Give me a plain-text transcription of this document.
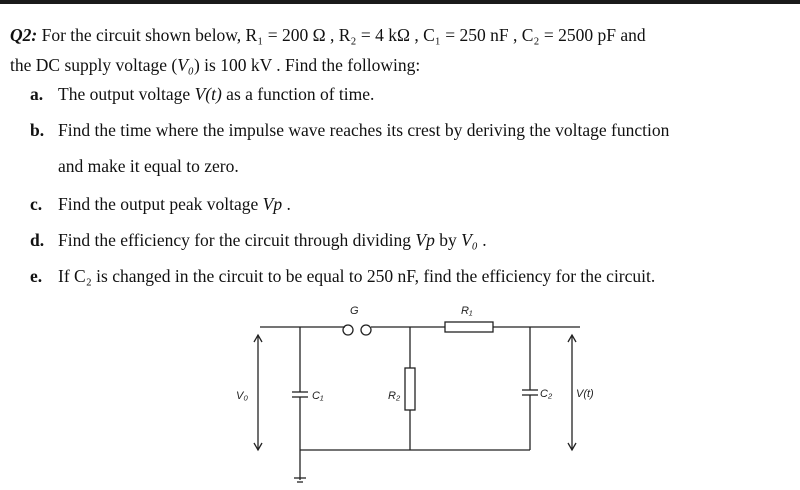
Q2: For the circuit shown below, R₁ = 200 Ω , R₂ = 4 kΩ , C₁ = 250 nF , C₂ = 2500 pF and
the DC supply voltage (V₀) is 100 kV . Find the following:
a. The output voltage V(t) as a function of time.
b. Find the time where the impulse wave reaches its crest by deriving the voltage function
and make it equal to zero.
c. Find the output peak voltage Vp .
d. Find the efficiency for the circuit through dividing Vp by V₀ .
e. If C₂ is changed in the circuit to be equal to 250 nF, find the efficiency for the circuit.
G	R₁
C₁	R₂	C₂
V₀	V(t)
